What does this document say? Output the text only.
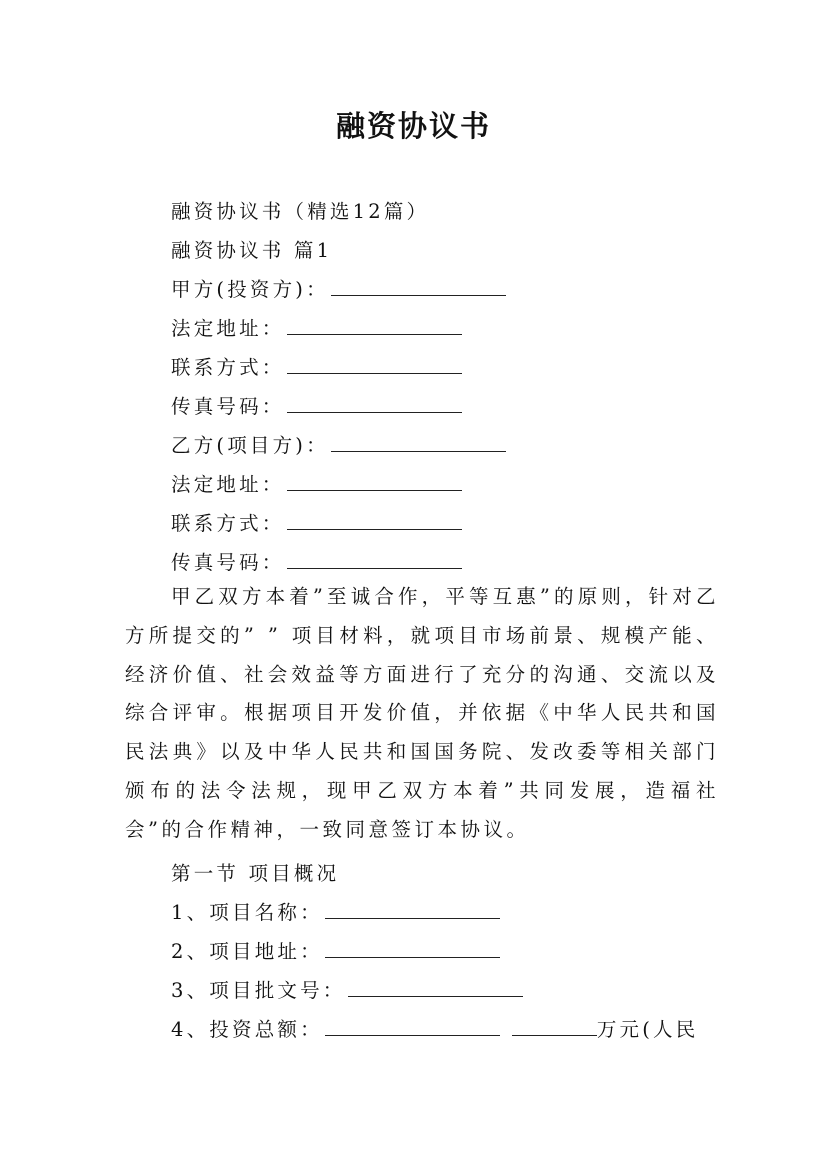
融资协议书
融资协议书（精选12篇）
融资协议书 篇1
甲方(投资方)：
法定地址：
联系方式：
传真号码：
乙方(项目方)：
法定地址：
联系方式：
传真号码：
甲乙双方本着”至诚合作，平等互惠”的原则，针对乙方所提交的” ” 项目材料，就项目市场前景、规模产能、经济价值、社会效益等方面进行了充分的沟通、交流以及综合评审。根据项目开发价值，并依据《中华人民共和国民法典》以及中华人民共和国国务院、发改委等相关部门颁布的法令法规，现甲乙双方本着”共同发展，造福社会”的合作精神，一致同意签订本协议。
第一节 项目概况
1、项目名称：
2、项目地址：
3、项目批文号：
4、投资总额：	万元(人民
